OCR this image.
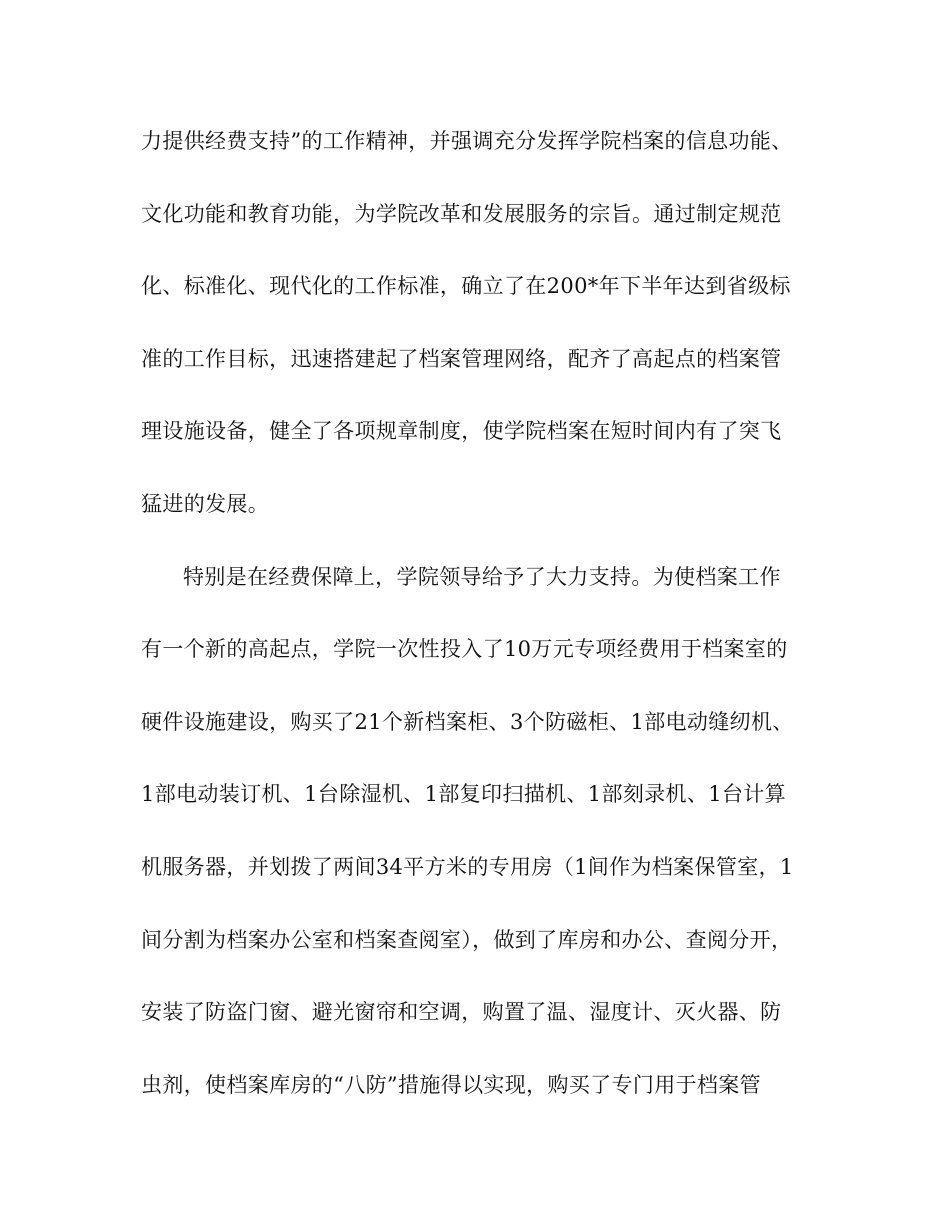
力提供经费支持”的工作精神，并强调充分发挥学院档案的信息功能、
文化功能和教育功能，为学院改革和发展服务的宗旨。通过制定规范
化、标准化、现代化的工作标准，确立了在200*年下半年达到省级标
准的工作目标，迅速搭建起了档案管理网络，配齐了高起点的档案管
理设施设备，健全了各项规章制度，使学院档案在短时间内有了突飞
猛进的发展。
特别是在经费保障上，学院领导给予了大力支持。为使档案工作
有一个新的高起点，学院一次性投入了10万元专项经费用于档案室的
硬件设施建设，购买了21个新档案柜、3个防磁柜、1部电动缝纫机、
1部电动装订机、1台除湿机、1部复印扫描机、1部刻录机、1台计算
机服务器，并划拨了两间34平方米的专用房（1间作为档案保管室，1
间分割为档案办公室和档案查阅室），做到了库房和办公、查阅分开，
安装了防盗门窗、避光窗帘和空调，购置了温、湿度计、灭火器、防
虫剂，使档案库房的“八防”措施得以实现，购买了专门用于档案管
